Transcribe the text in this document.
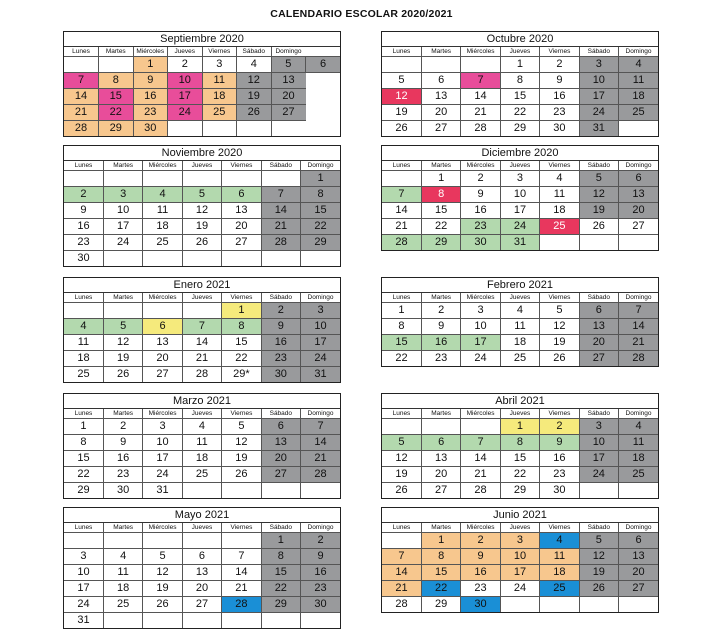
CALENDARIO ESCOLAR 2020/2021
Septiembre 2020
Lunes	Martes	Miércoles	Jueves	Viernes	Sábado	Domingo	
		1	2	3	4	5	6
7	8	9	10	11	12	13	
14	15	16	17	18	19	20	
21	22	23	24	25	26	27	
28	29	30					
Octubre 2020
Lunes	Martes	Miércoles	Jueves	Viernes	Sábado	Domingo
			1	2	3	4
5	6	7	8	9	10	11
12	13	14	15	16	17	18
19	20	21	22	23	24	25
26	27	28	29	30	31	
Noviembre 2020
Lunes	Martes	Miércoles	Jueves	Viernes	Sábado	Domingo
						1
2	3	4	5	6	7	8
9	10	11	12	13	14	15
16	17	18	19	20	21	22
23	24	25	26	27	28	29
30						
Diciembre 2020
Lunes	Martes	Miércoles	Jueves	Viernes	Sábado	Domingo
	1	2	3	4	5	6
7	8	9	10	11	12	13
14	15	16	17	18	19	20
21	22	23	24	25	26	27
28	29	30	31			
Enero 2021
Lunes	Martes	Miércoles	Jueves	Viernes	Sábado	Domingo
				1	2	3
4	5	6	7	8	9	10
11	12	13	14	15	16	17
18	19	20	21	22	23	24
25	26	27	28	29*	30	31
Febrero 2021
Lunes	Martes	Miércoles	Jueves	Viernes	Sábado	Domingo
1	2	3	4	5	6	7
8	9	10	11	12	13	14
15	16	17	18	19	20	21
22	23	24	25	26	27	28
Marzo 2021
Lunes	Martes	Miércoles	Jueves	Viernes	Sábado	Domingo
1	2	3	4	5	6	7
8	9	10	11	12	13	14
15	16	17	18	19	20	21
22	23	24	25	26	27	28
29	30	31				
Abril 2021
Lunes	Martes	Miércoles	Jueves	Viernes	Sábado	Domingo
			1	2	3	4
5	6	7	8	9	10	11
12	13	14	15	16	17	18
19	20	21	22	23	24	25
26	27	28	29	30		
Mayo 2021
Lunes	Martes	Miércoles	Jueves	Viernes	Sábado	Domingo
					1	2
3	4	5	6	7	8	9
10	11	12	13	14	15	16
17	18	19	20	21	22	23
24	25	26	27	28	29	30
31						
Junio 2021
Lunes	Martes	Miércoles	Jueves	Viernes	Sábado	Domingo
	1	2	3	4	5	6
7	8	9	10	11	12	13
14	15	16	17	18	19	20
21	22	23	24	25	26	27
28	29	30				
